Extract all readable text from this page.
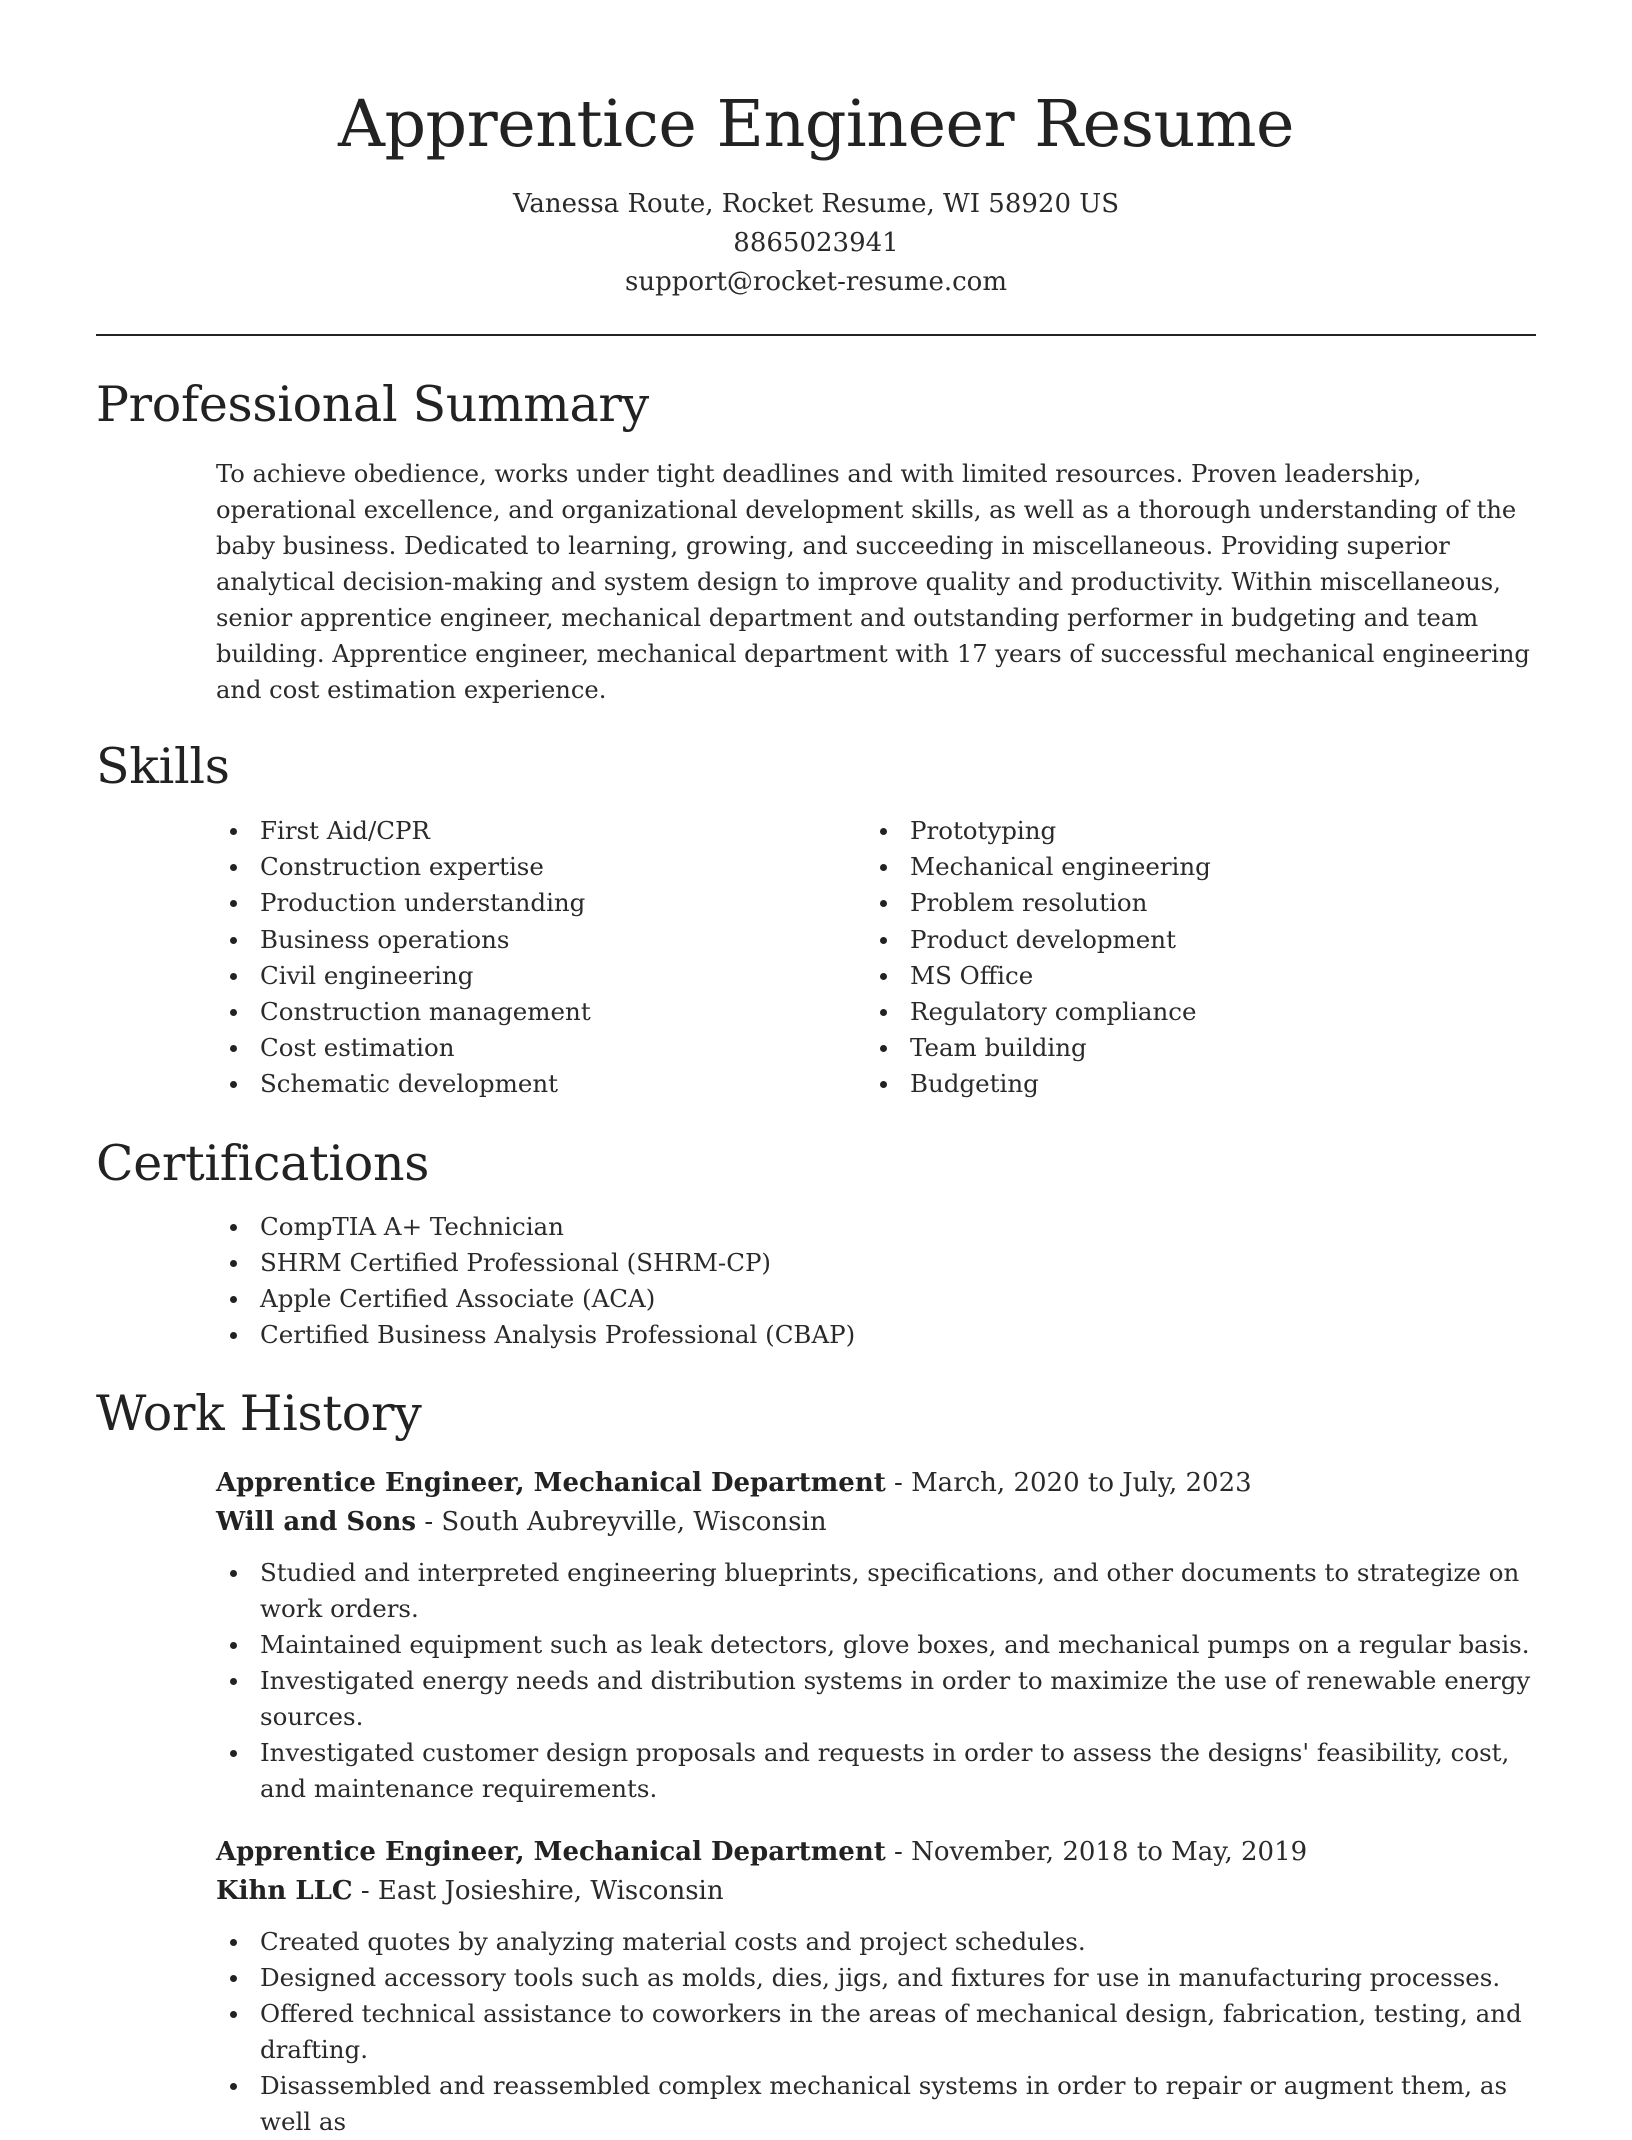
Apprentice Engineer Resume
Vanessa Route, Rocket Resume, WI 58920 US
8865023941
support@rocket-resume.com
Professional Summary

To achieve obedience, works under tight deadlines and with limited resources. Proven leadership, operational excellence, and organizational development skills, as well as a thorough understanding of the baby business. Dedicated to learning, growing, and succeeding in miscellaneous. Providing superior analytical decision-making and system design to improve quality and productivity. Within miscellaneous, senior apprentice engineer, mechanical department and outstanding performer in budgeting and team building. Apprentice engineer, mechanical department with 17 years of successful mechanical engineering and cost estimation experience.

Skills
First Aid/CPR
Construction expertise
Production understanding
Business operations
Civil engineering
Construction management
Cost estimation
Schematic development
Prototyping
Mechanical engineering
Problem resolution
Product development
MS Office
Regulatory compliance
Team building
Budgeting
Certifications
CompTIA A+ Technician
SHRM Certified Professional (SHRM-CP)
Apple Certified Associate (ACA)
Certified Business Analysis Professional (CBAP)
Work History
Apprentice Engineer, Mechanical Department - March, 2020 to July, 2023
Will and Sons - South Aubreyville, Wisconsin
Studied and interpreted engineering blueprints, specifications, and other documents to strategize on work orders.
Maintained equipment such as leak detectors, glove boxes, and mechanical pumps on a regular basis.
Investigated energy needs and distribution systems in order to maximize the use of renewable energy sources.
Investigated customer design proposals and requests in order to assess the designs' feasibility, cost, and maintenance requirements.
Apprentice Engineer, Mechanical Department - November, 2018 to May, 2019
Kihn LLC - East Josieshire, Wisconsin
Created quotes by analyzing material costs and project schedules.
Designed accessory tools such as molds, dies, jigs, and fixtures for use in manufacturing processes.
Offered technical assistance to coworkers in the areas of mechanical design, fabrication, testing, and drafting.
Disassembled and reassembled complex mechanical systems in order to repair or augment them, as well as
